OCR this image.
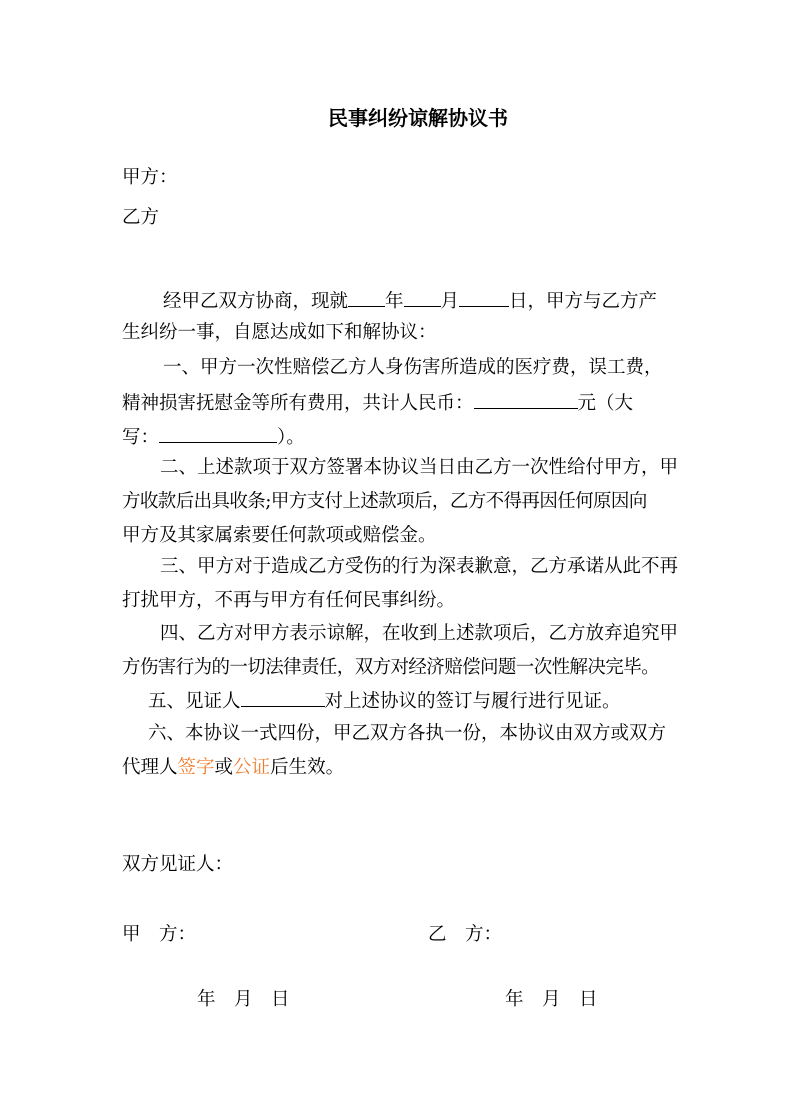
民事纠纷谅解协议书
甲方：
乙方
经甲乙双方协商，现就 年 月	日，甲方与乙方产
生纠纷一事，自愿达成如下和解协议：
一、甲方一次性赔偿乙方人身伤害所造成的医疗费，误工费，
精神损害抚慰金等所有费用，共计人民币：	元（大
写：	）。
二、上述款项于双方签署本协议当日由乙方一次性给付甲方，甲
方收款后出具收条;甲方支付上述款项后，乙方不得再因任何原因向
甲方及其家属索要任何款项或赔偿金。
三、甲方对于造成乙方受伤的行为深表歉意，乙方承诺从此不再
打扰甲方，不再与甲方有任何民事纠纷。
四、乙方对甲方表示谅解，在收到上述款项后，乙方放弃追究甲
方伤害行为的一切法律责任，双方对经济赔偿问题一次性解决完毕。
五、见证人	对上述协议的签订与履行进行见证。
六、本协议一式四份，甲乙双方各执一份，本协议由双方或双方
代理人签字或公证后生效。
双方见证人：
甲　方：	乙　方：
年　月　日	年　月　日
